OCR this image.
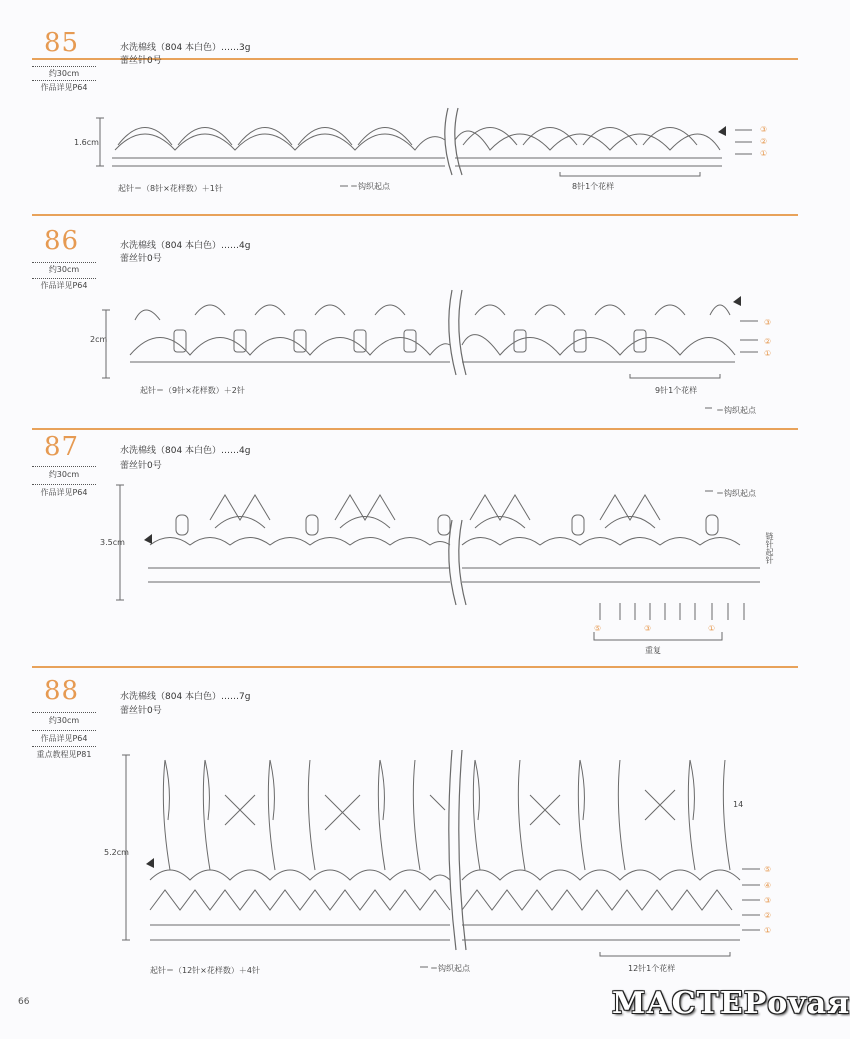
85	水洗棉线（804 本白色）……3g
蕾丝针0号
约30cm
作品详见P64
1.6cm
起针＝（8针×花样数）＋1针	＝钩织起点	8针1个花样
③
②
①
86	水洗棉线（804 本白色）……4g
蕾丝针0号
约30cm
作品详见P64
2cm
起针＝（9针×花样数）＋2针
＝钩织起点
9针1个花样
③
②
①
87	水洗棉线（804 本白色）……4g
蕾丝针0号
约30cm
作品详见P64
3.5cm
＝钩织起点
重复
链针起针
⑤	③	①
88	水洗棉线（804 本白色）……7g
蕾丝针0号
约30cm
作品详见P64
重点教程见P81
5.2cm
起针＝（12针×花样数）＋4针	＝钩织起点	12针1个花样
14
⑤
④
③
②
①
66	МАСТЕРоvая
